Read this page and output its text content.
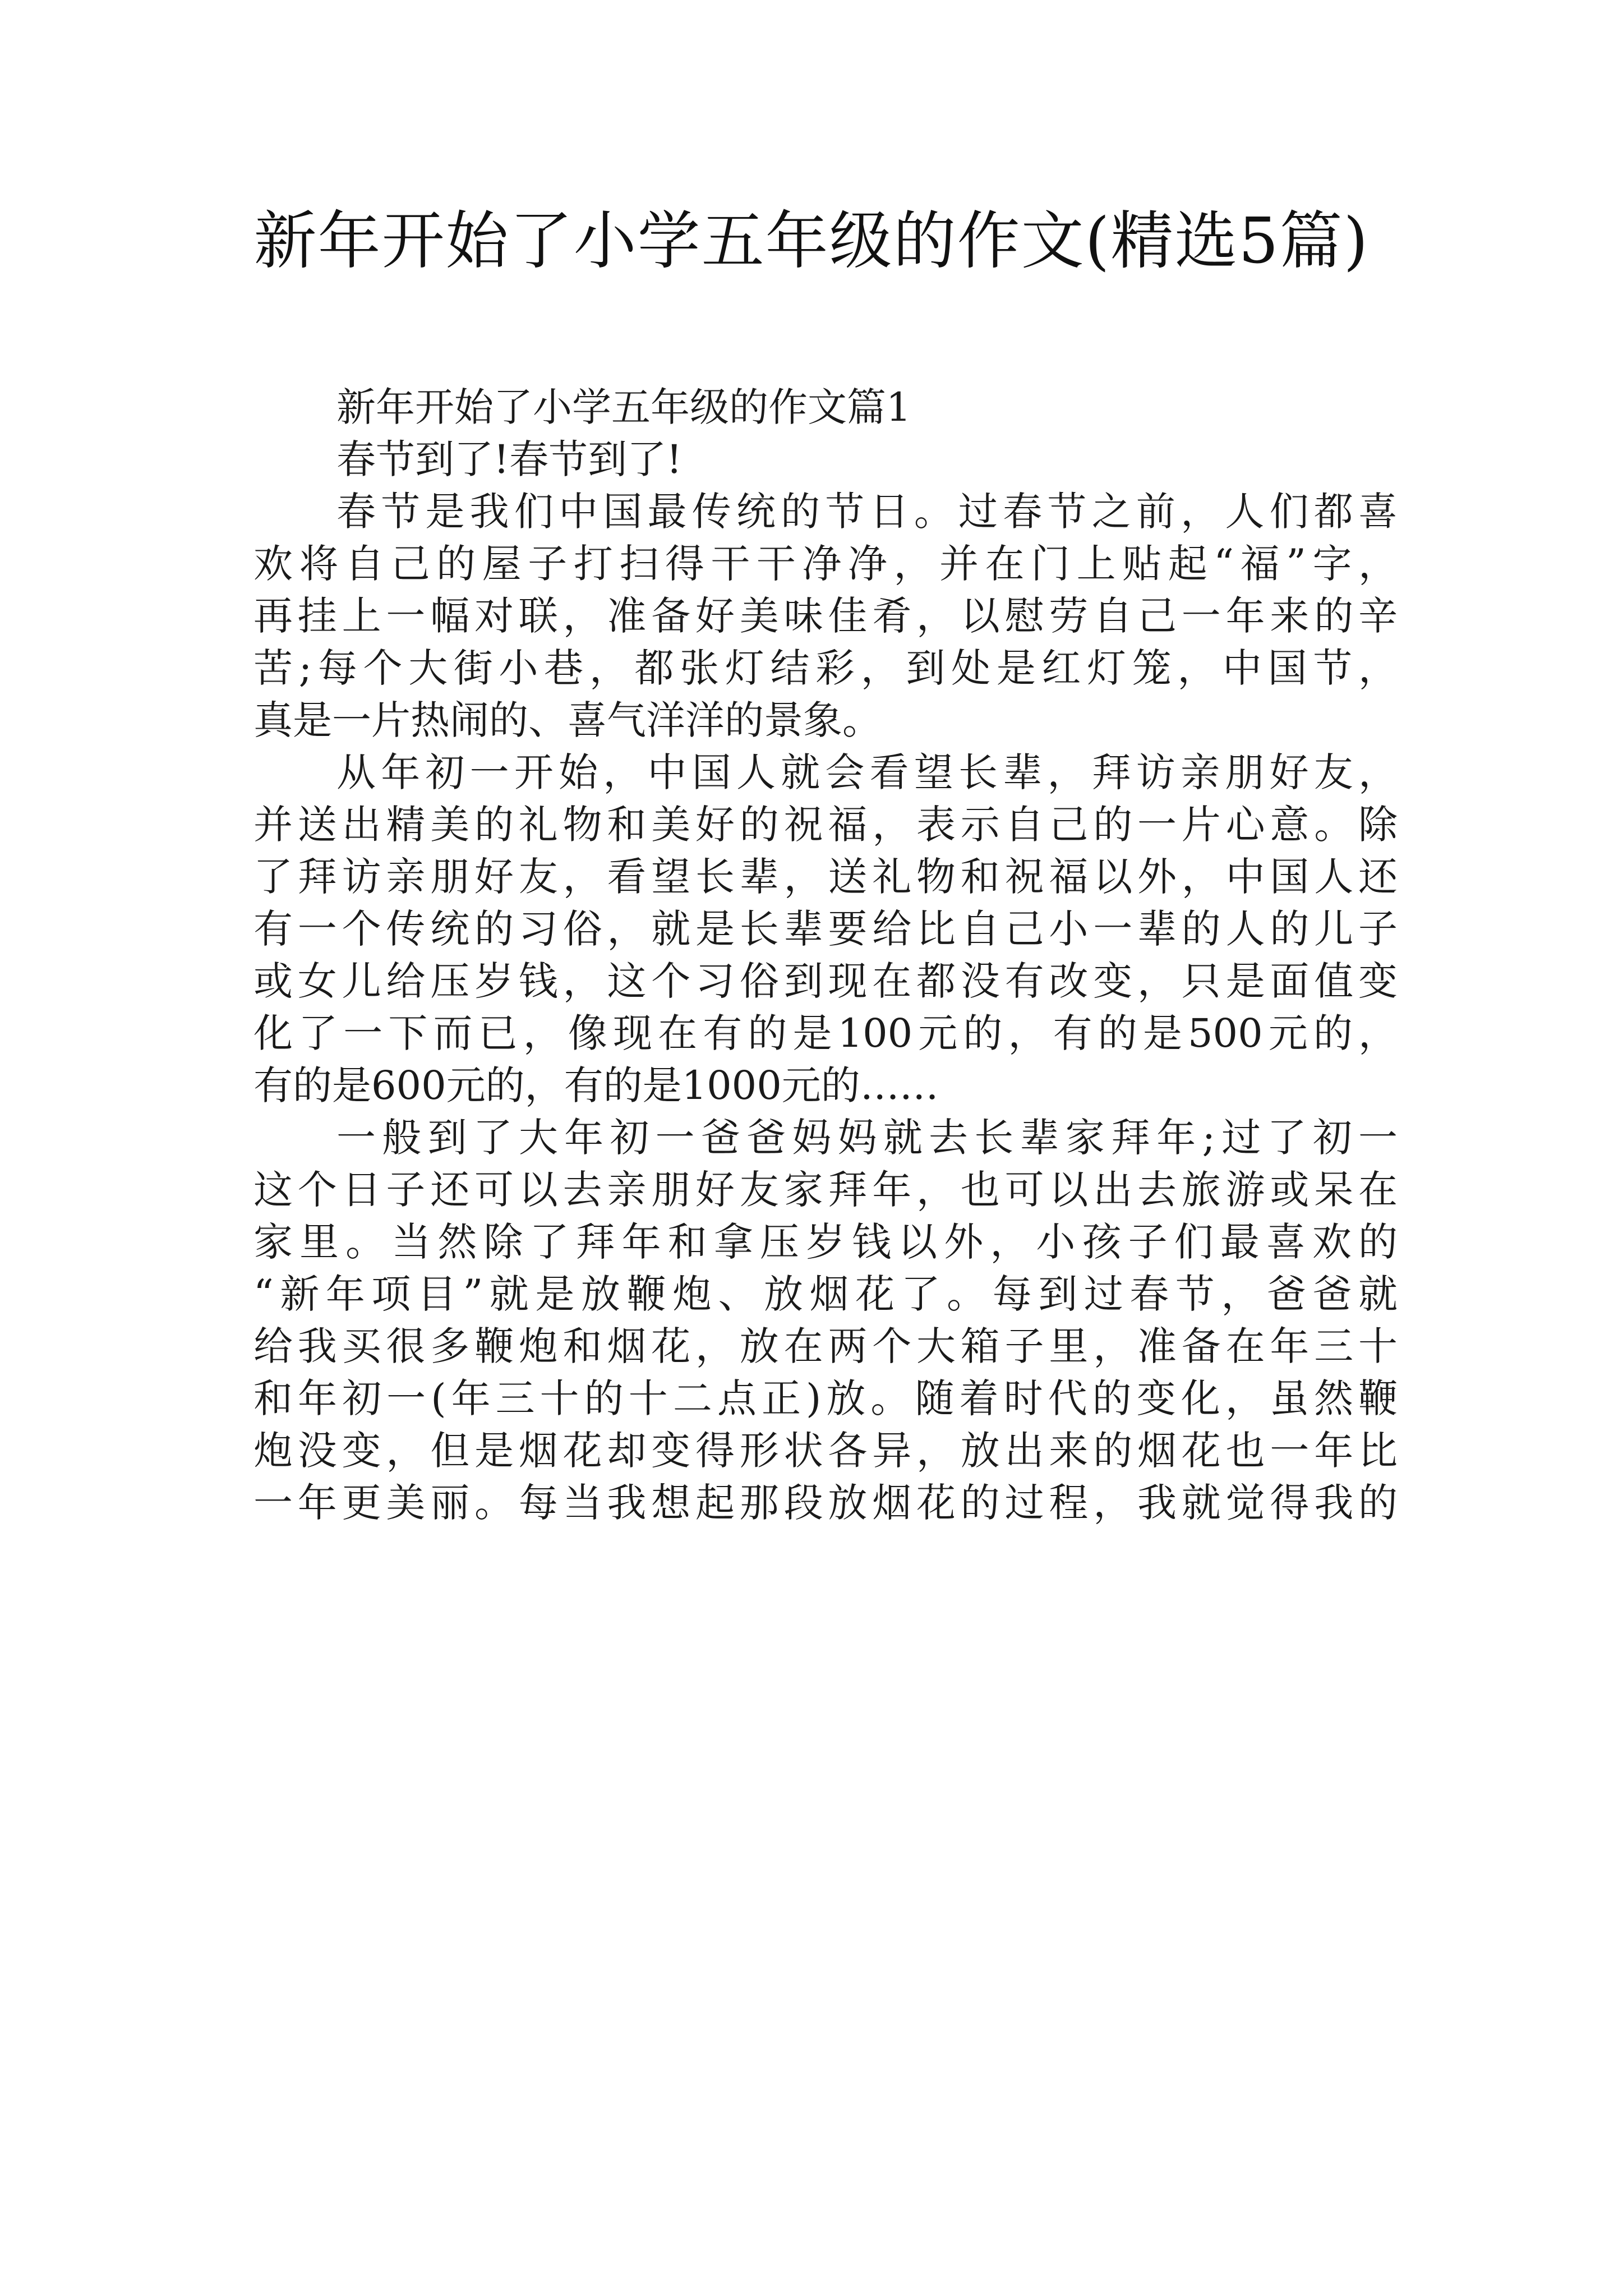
新年开始了小学五年级的作文(精选5篇)
新年开始了小学五年级的作文篇1
春节到了!春节到了!
春节是我们中国最传统的节日。过春节之前，人们都喜
欢将自己的屋子打扫得干干净净，并在门上贴起“福”字，
再挂上一幅对联，准备好美味佳肴，以慰劳自己一年来的辛
苦;每个大街小巷，都张灯结彩，到处是红灯笼，中国节，
真是一片热闹的、喜气洋洋的景象。
从年初一开始，中国人就会看望长辈，拜访亲朋好友，
并送出精美的礼物和美好的祝福，表示自己的一片心意。除
了拜访亲朋好友，看望长辈，送礼物和祝福以外，中国人还
有一个传统的习俗，就是长辈要给比自己小一辈的人的儿子
或女儿给压岁钱，这个习俗到现在都没有改变，只是面值变
化了一下而已，像现在有的是100元的，有的是500元的，
有的是600元的，有的是1000元的……
一般到了大年初一爸爸妈妈就去长辈家拜年;过了初一
这个日子还可以去亲朋好友家拜年，也可以出去旅游或呆在
家里。当然除了拜年和拿压岁钱以外，小孩子们最喜欢的
“新年项目”就是放鞭炮、放烟花了。每到过春节，爸爸就
给我买很多鞭炮和烟花，放在两个大箱子里，准备在年三十
和年初一(年三十的十二点正)放。随着时代的变化，虽然鞭
炮没变，但是烟花却变得形状各异，放出来的烟花也一年比
一年更美丽。每当我想起那段放烟花的过程，我就觉得我的
